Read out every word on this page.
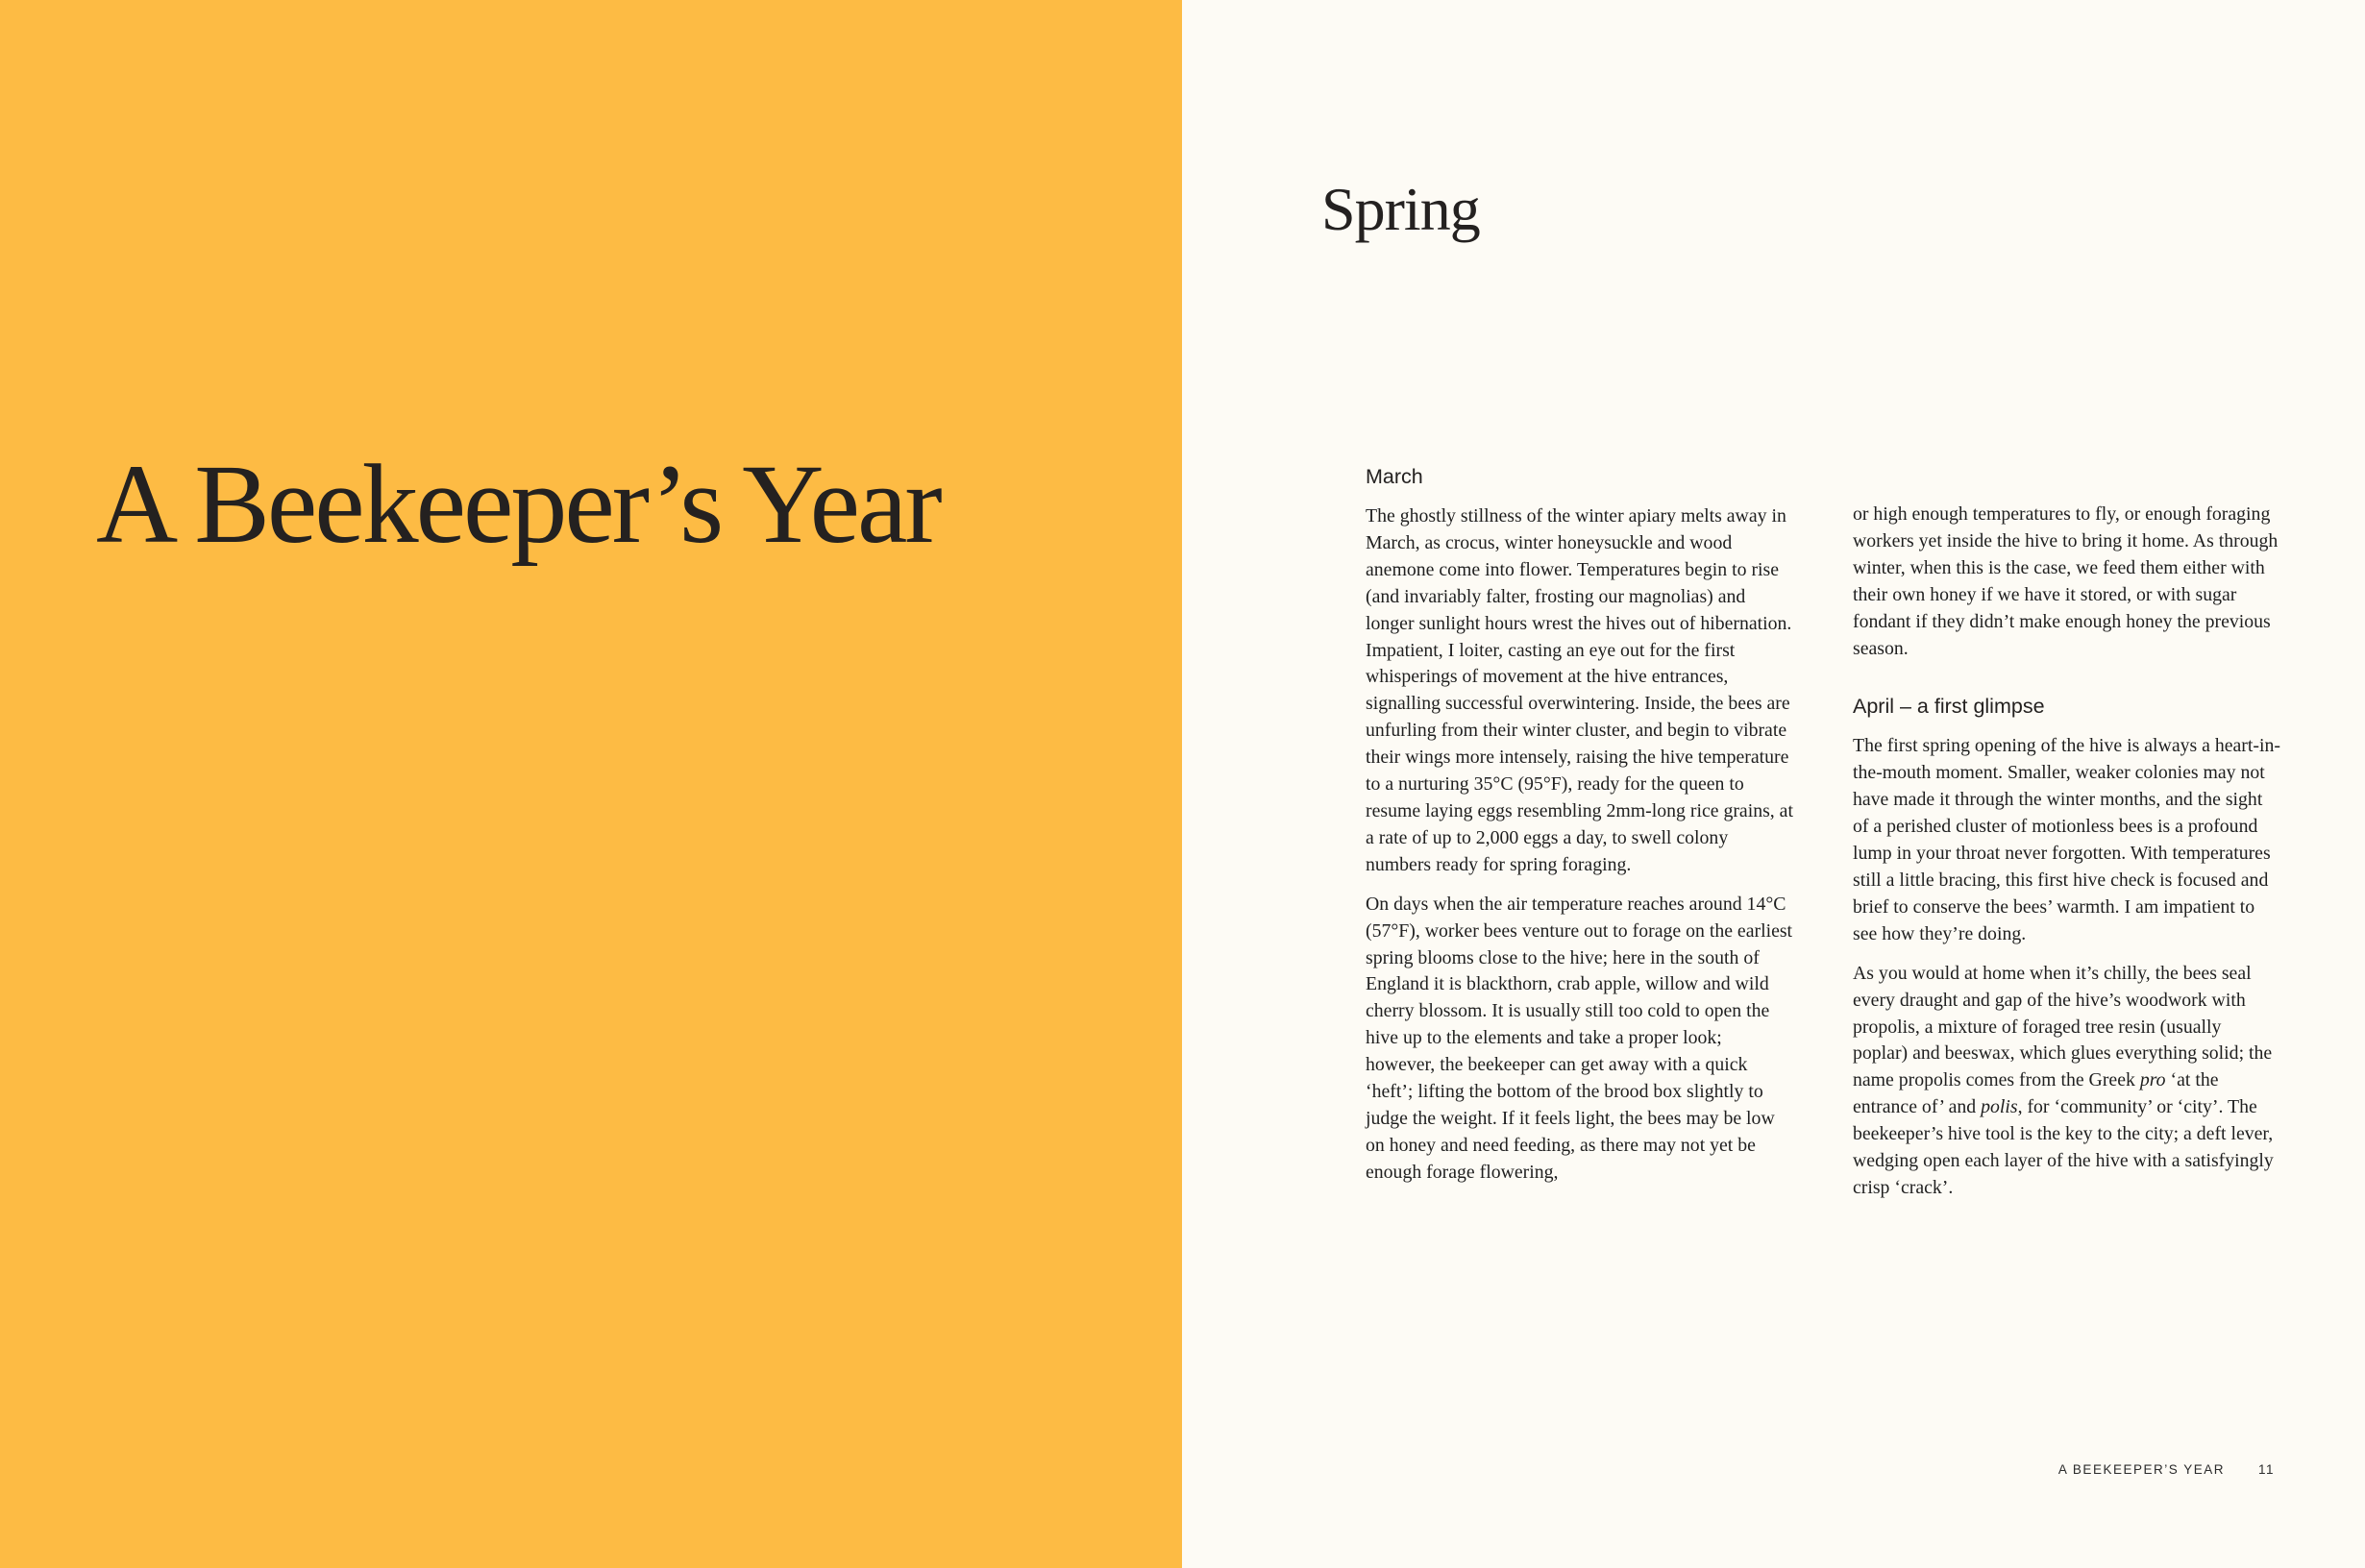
A Beekeeper’s Year
Spring
March

The ghostly stillness of the winter apiary melts away in March, as crocus, winter honeysuckle and wood anemone come into flower. Temperatures begin to rise (and invariably falter, frosting our magnolias) and longer sunlight hours wrest the hives out of hibernation. Impatient, I loiter, casting an eye out for the first whisperings of movement at the hive entrances, signalling successful overwintering. Inside, the bees are unfurling from their winter cluster, and begin to vibrate their wings more intensely, raising the hive temperature to a nurturing 35°C (95°F), ready for the queen to resume laying eggs resembling 2mm-long rice grains, at a rate of up to 2,000 eggs a day, to swell colony numbers ready for spring foraging.

On days when the air temperature reaches around 14°C (57°F), worker bees venture out to forage on the earliest spring blooms close to the hive; here in the south of England it is blackthorn, crab apple, willow and wild cherry blossom. It is usually still too cold to open the hive up to the elements and take a proper look; however, the beekeeper can get away with a quick ‘heft’; lifting the bottom of the brood box slightly to judge the weight. If it feels light, the bees may be low on honey and need feeding, as there may not yet be enough forage flowering,

or high enough temperatures to fly, or enough foraging workers yet inside the hive to bring it home. As through winter, when this is the case, we feed them either with their own honey if we have it stored, or with sugar fondant if they didn’t make enough honey the previous season.

April – a first glimpse

The first spring opening of the hive is always a heart-in-the-mouth moment. Smaller, weaker colonies may not have made it through the winter months, and the sight of a perished cluster of motionless bees is a profound lump in your throat never forgotten. With temperatures still a little bracing, this first hive check is focused and brief to conserve the bees’ warmth. I am impatient to see how they’re doing.

As you would at home when it’s chilly, the bees seal every draught and gap of the hive’s woodwork with propolis, a mixture of foraged tree resin (usually poplar) and beeswax, which glues everything solid; the name propolis comes from the Greek pro ‘at the entrance of’ and polis, for ‘community’ or ‘city’. The beekeeper’s hive tool is the key to the city; a deft lever, wedging open each layer of the hive with a satisfyingly crisp ‘crack’.

A BEEKEEPER’S YEAR	11
